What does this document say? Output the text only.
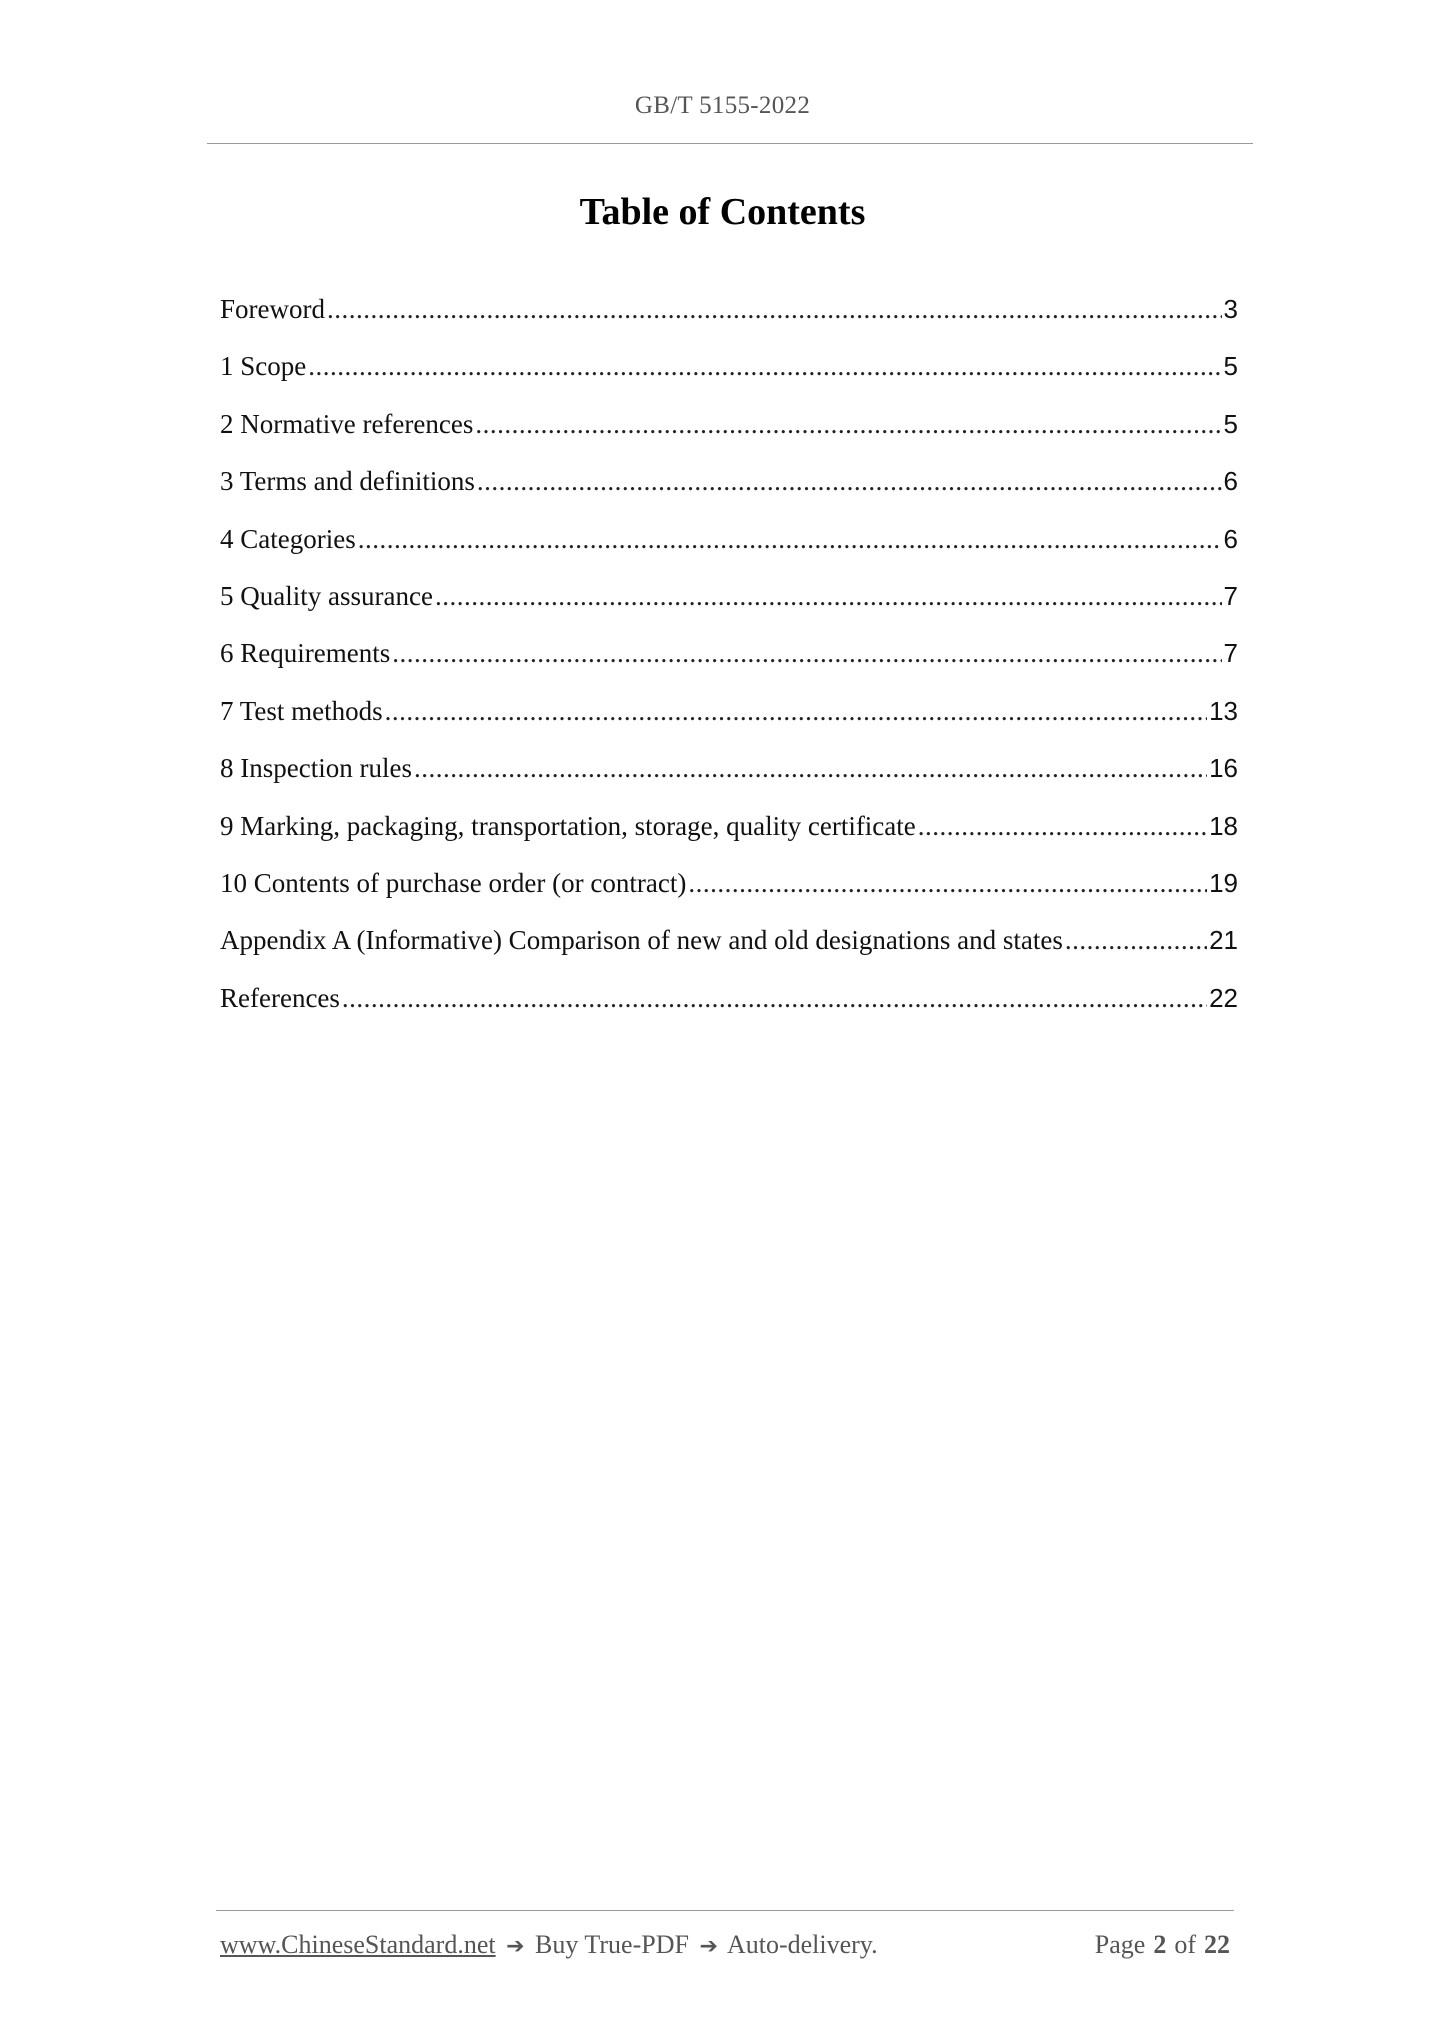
GB/T 5155-2022
Table of Contents
Foreword .....	3
1 Scope .....	5
2 Normative references .....	5
3 Terms and definitions .....	6
4 Categories .....	6
5 Quality assurance .....	7
6 Requirements .....	7
7 Test methods .....	13
8 Inspection rules .....	16
9 Marking, packaging, transportation, storage, quality certificate .....	18
10 Contents of purchase order (or contract) .....	19
Appendix A (Informative) Comparison of new and old designations and states .....	21
References .....	22
www.ChineseStandard.net ➔ Buy True-PDF ➔ Auto-delivery.	Page 2 of 22
